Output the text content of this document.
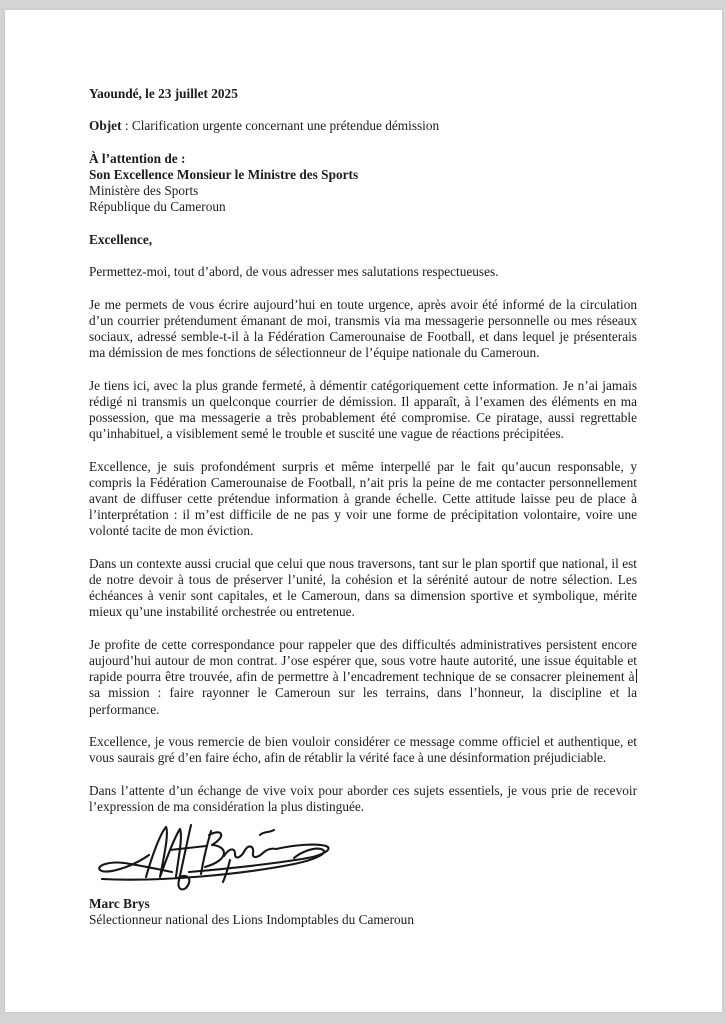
Yaoundé, le 23 juillet 2025

Objet : Clarification urgente concernant une prétendue démission

À l’attention de :

Son Excellence Monsieur le Ministre des Sports

Ministère des Sports

République du Cameroun

Excellence,

Permettez-moi, tout d’abord, de vous adresser mes salutations respectueuses.

Je me permets de vous écrire aujourd’hui en toute urgence, après avoir été informé de la circulation d’un courrier prétendument émanant de moi, transmis via ma messagerie personnelle ou mes réseaux sociaux, adressé semble-t-il à la Fédération Camerounaise de Football, et dans lequel je présenterais ma démission de mes fonctions de sélectionneur de l’équipe nationale du Cameroun.

Je tiens ici, avec la plus grande fermeté, à démentir catégoriquement cette information. Je n’ai jamais rédigé ni transmis un quelconque courrier de démission. Il apparaît, à l’examen des éléments en ma possession, que ma messagerie a très probablement été compromise. Ce piratage, aussi regrettable qu’inhabituel, a visiblement semé le trouble et suscité une vague de réactions précipitées.

Excellence, je suis profondément surpris et même interpellé par le fait qu’aucun responsable, y compris la Fédération Camerounaise de Football, n’ait pris la peine de me contacter personnellement avant de diffuser cette prétendue information à grande échelle. Cette attitude laisse peu de place à l’interprétation : il m’est difficile de ne pas y voir une forme de précipitation volontaire, voire une volonté tacite de mon éviction.

Dans un contexte aussi crucial que celui que nous traversons, tant sur le plan sportif que national, il est de notre devoir à tous de préserver l’unité, la cohésion et la sérénité autour de notre sélection. Les échéances à venir sont capitales, et le Cameroun, dans sa dimension sportive et symbolique, mérite mieux qu’une instabilité orchestrée ou entretenue.

Je profite de cette correspondance pour rappeler que des difficultés administratives persistent encore aujourd’hui autour de mon contrat. J’ose espérer que, sous votre haute autorité, une issue équitable et rapide pourra être trouvée, afin de permettre à l’encadrement technique de se consacrer pleinement à sa mission : faire rayonner le Cameroun sur les terrains, dans l’honneur, la discipline et la performance.

Excellence, je vous remercie de bien vouloir considérer ce message comme officiel et authentique, et vous saurais gré d’en faire écho, afin de rétablir la vérité face à une désinformation préjudiciable.

Dans l’attente d’un échange de vive voix pour aborder ces sujets essentiels, je vous prie de recevoir l’expression de ma considération la plus distinguée.

Marc Brys

Sélectionneur national des Lions Indomptables du Cameroun
